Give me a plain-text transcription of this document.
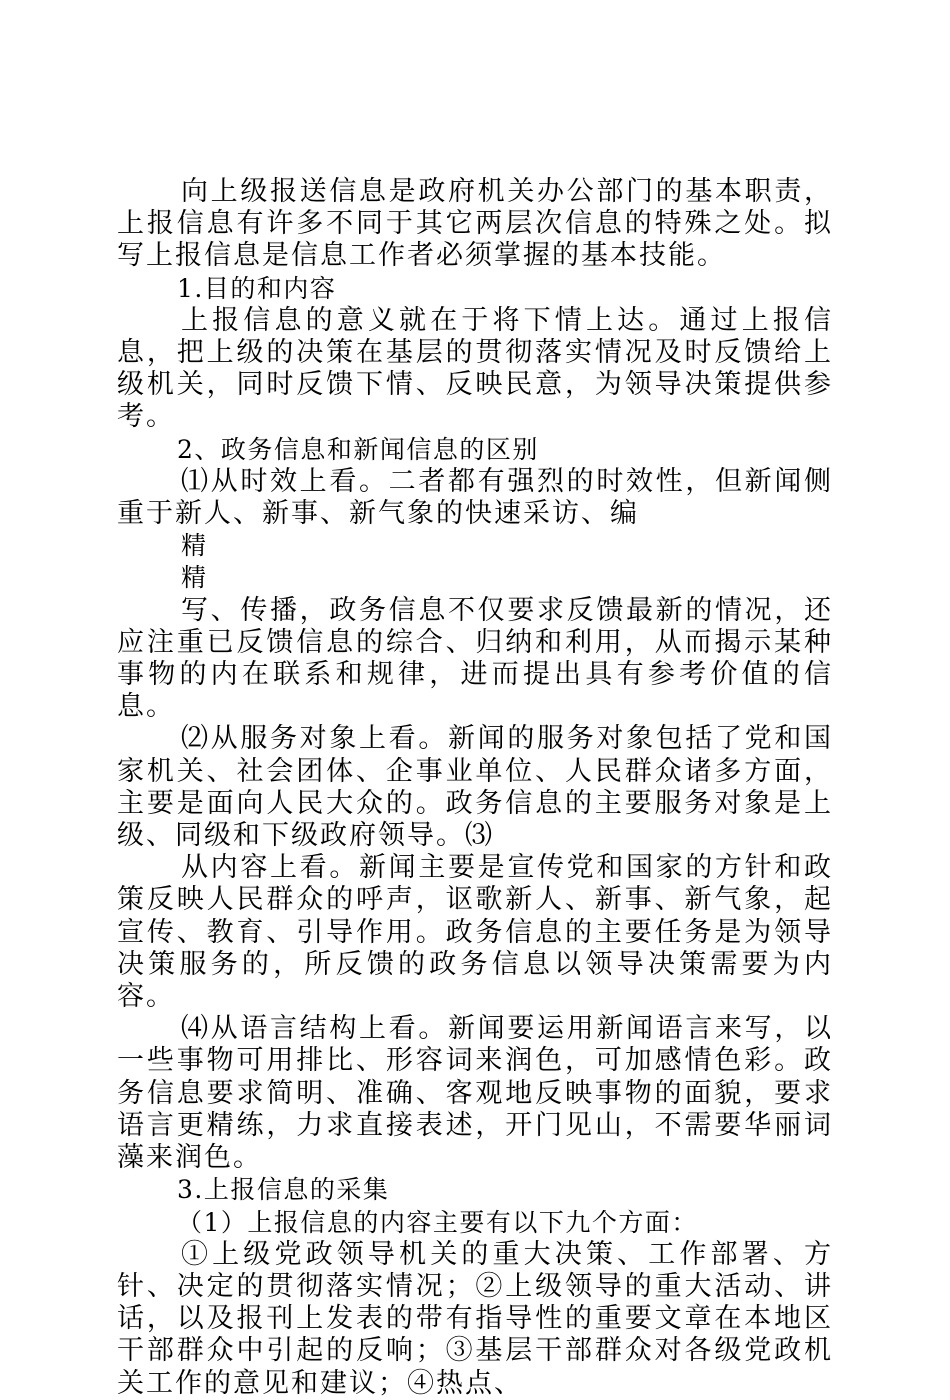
向上级报送信息是政府机关办公部门的基本职责，上报信息有许多不同于其它两层次信息的特殊之处。拟写上报信息是信息工作者必须掌握的基本技能。

1.目的和内容

上报信息的意义就在于将下情上达。通过上报信息，把上级的决策在基层的贯彻落实情况及时反馈给上级机关，同时反馈下情、反映民意，为领导决策提供参考。

2、政务信息和新闻信息的区别

⑴从时效上看。二者都有强烈的时效性，但新闻侧重于新人、新事、新气象的快速采访、编

精

精

写、传播，政务信息不仅要求反馈最新的情况，还应注重已反馈信息的综合、归纳和利用，从而揭示某种事物的内在联系和规律，进而提出具有参考价值的信息。

⑵从服务对象上看。新闻的服务对象包括了党和国家机关、社会团体、企事业单位、人民群众诸多方面，主要是面向人民大众的。政务信息的主要服务对象是上级、同级和下级政府领导。⑶

从内容上看。新闻主要是宣传党和国家的方针和政策反映人民群众的呼声，讴歌新人、新事、新气象，起宣传、教育、引导作用。政务信息的主要任务是为领导决策服务的，所反馈的政务信息以领导决策需要为内容。

⑷从语言结构上看。新闻要运用新闻语言来写，以一些事物可用排比、形容词来润色，可加感情色彩。政务信息要求简明、准确、客观地反映事物的面貌，要求语言更精练，力求直接表述，开门见山，不需要华丽词藻来润色。

3.上报信息的采集

（1）上报信息的内容主要有以下九个方面：

①上级党政领导机关的重大决策、工作部署、方针、决定的贯彻落实情况；②上级领导的重大活动、讲话，以及报刊上发表的带有指导性的重要文章在本地区干部群众中引起的反响；③基层干部群众对各级党政机关工作的意见和建议；④热点、
